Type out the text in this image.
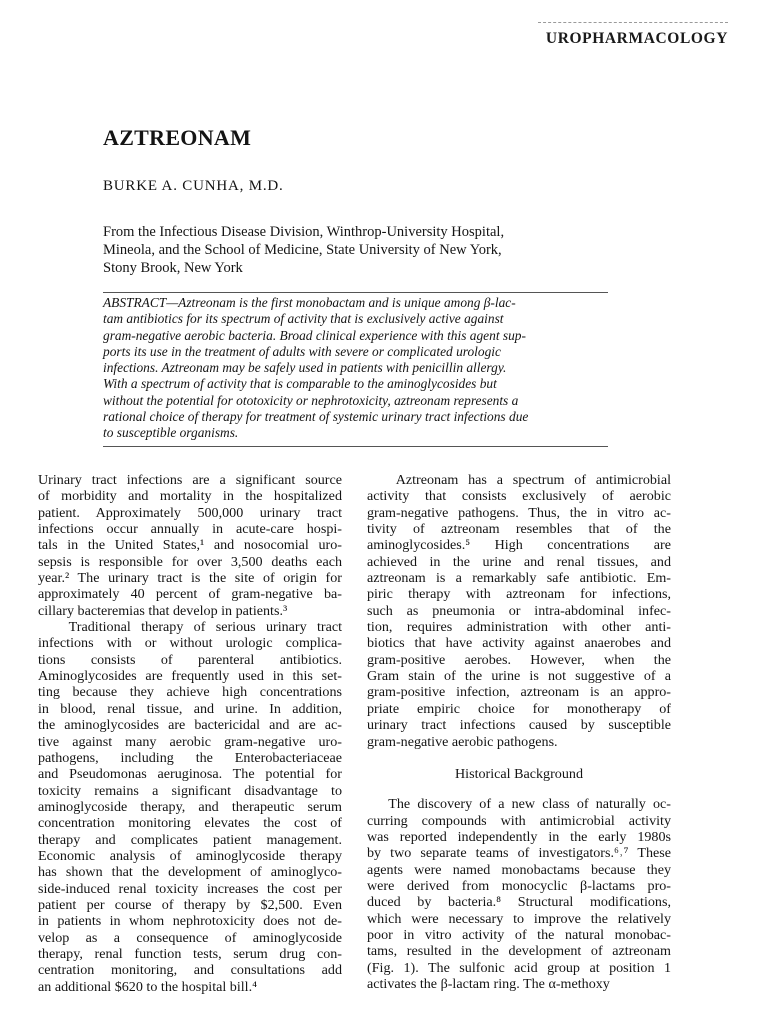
UROPHARMACOLOGY
AZTREONAM
BURKE A. CUNHA, M.D.
From the Infectious Disease Division, Winthrop-University Hospital,
Mineola, and the School of Medicine, State University of New York,
Stony Brook, New York
ABSTRACT—Aztreonam is the first monobactam and is unique among β-lac-
tam antibiotics for its spectrum of activity that is exclusively active against
gram-negative aerobic bacteria. Broad clinical experience with this agent sup-
ports its use in the treatment of adults with severe or complicated urologic
infections. Aztreonam may be safely used in patients with penicillin allergy.
With a spectrum of activity that is comparable to the aminoglycosides but
without the potential for ototoxicity or nephrotoxicity, aztreonam represents a
rational choice of therapy for treatment of systemic urinary tract infections due
to susceptible organisms.
Urinary tract infections are a significant source
of morbidity and mortality in the hospitalized
patient. Approximately 500,000 urinary tract
infections occur annually in acute-care hospi-
tals in the United States,¹ and nosocomial uro-
sepsis is responsible for over 3,500 deaths each
year.² The urinary tract is the site of origin for
approximately 40 percent of gram-negative ba-
cillary bacteremias that develop in patients.³
Traditional therapy of serious urinary tract
infections with or without urologic complica-
tions consists of parenteral antibiotics.
Aminoglycosides are frequently used in this set-
ting because they achieve high concentrations
in blood, renal tissue, and urine. In addition,
the aminoglycosides are bactericidal and are ac-
tive against many aerobic gram-negative uro-
pathogens, including the Enterobacteriaceae
and Pseudomonas aeruginosa. The potential for
toxicity remains a significant disadvantage to
aminoglycoside therapy, and therapeutic serum
concentration monitoring elevates the cost of
therapy and complicates patient management.
Economic analysis of aminoglycoside therapy
has shown that the development of aminoglyco-
side-induced renal toxicity increases the cost per
patient per course of therapy by $2,500. Even
in patients in whom nephrotoxicity does not de-
velop as a consequence of aminoglycoside
therapy, renal function tests, serum drug con-
centration monitoring, and consultations add
an additional $620 to the hospital bill.⁴
Aztreonam has a spectrum of antimicrobial
activity that consists exclusively of aerobic
gram-negative pathogens. Thus, the in vitro ac-
tivity of aztreonam resembles that of the
aminoglycosides.⁵ High concentrations are
achieved in the urine and renal tissues, and
aztreonam is a remarkably safe antibiotic. Em-
piric therapy with aztreonam for infections,
such as pneumonia or intra-abdominal infec-
tion, requires administration with other anti-
biotics that have activity against anaerobes and
gram-positive aerobes. However, when the
Gram stain of the urine is not suggestive of a
gram-positive infection, aztreonam is an appro-
priate empiric choice for monotherapy of
urinary tract infections caused by susceptible
gram-negative aerobic pathogens.
Historical Background
The discovery of a new class of naturally oc-
curring compounds with antimicrobial activity
was reported independently in the early 1980s
by two separate teams of investigators.⁶˒⁷ These
agents were named monobactams because they
were derived from monocyclic β-lactams pro-
duced by bacteria.⁸ Structural modifications,
which were necessary to improve the relatively
poor in vitro activity of the natural monobac-
tams, resulted in the development of aztreonam
(Fig. 1). The sulfonic acid group at position 1
activates the β-lactam ring. The α-methoxy
